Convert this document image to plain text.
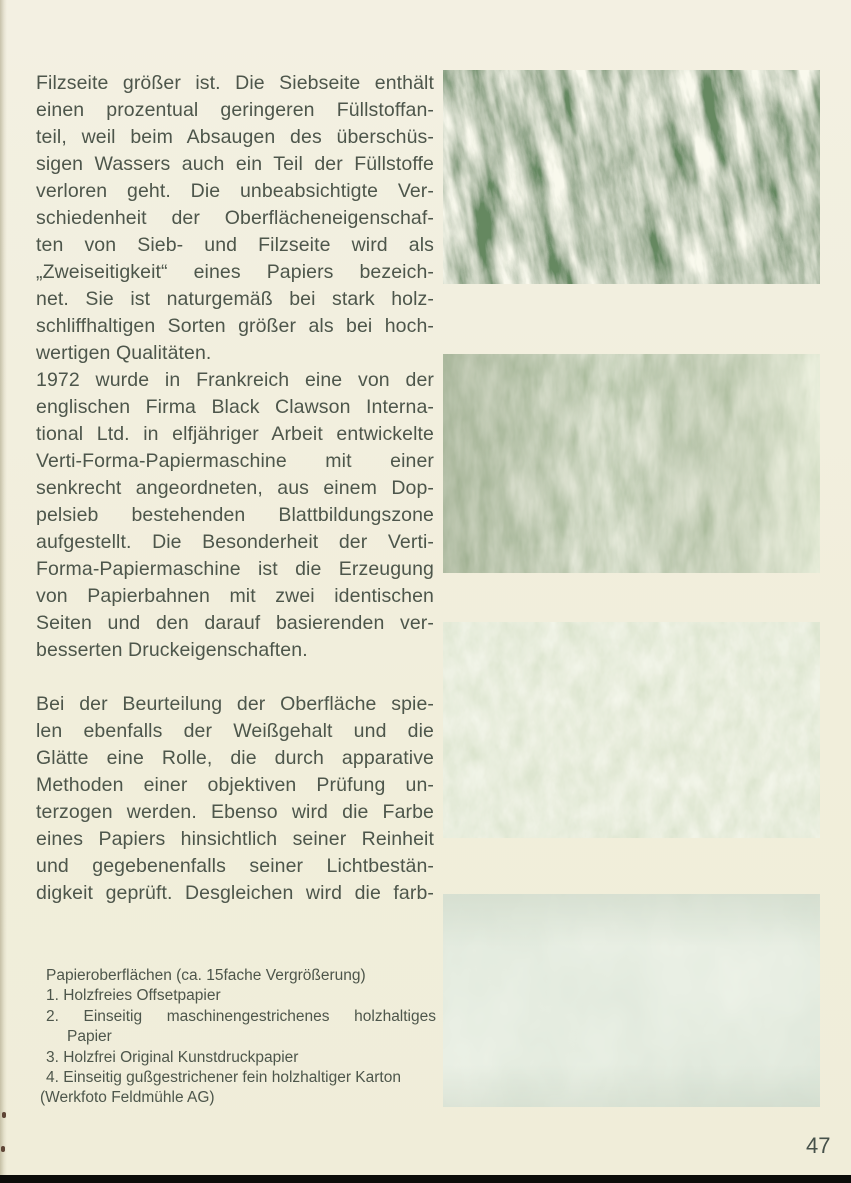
Filzseite größer ist. Die Siebseite enthält
einen prozentual geringeren Füllstoffan-
teil, weil beim Absaugen des überschüs-
sigen Wassers auch ein Teil der Füllstoffe
verloren geht. Die unbeabsichtigte Ver-
schiedenheit der Oberflächeneigenschaf-
ten von Sieb- und Filzseite wird als
„Zweiseitigkeit“ eines Papiers bezeich-
net. Sie ist naturgemäß bei stark holz-
schliffhaltigen Sorten größer als bei hoch-
wertigen Qualitäten.
1972 wurde in Frankreich eine von der
englischen Firma Black Clawson Interna-
tional Ltd. in elfjähriger Arbeit entwickelte
Verti-Forma-Papiermaschine mit einer
senkrecht angeordneten, aus einem Dop-
pelsieb bestehenden Blattbildungszone
aufgestellt. Die Besonderheit der Verti-
Forma-Papiermaschine ist die Erzeugung
von Papierbahnen mit zwei identischen
Seiten und den darauf basierenden ver-
besserten Druckeigenschaften.
Bei der Beurteilung der Oberfläche spie-
len ebenfalls der Weißgehalt und die
Glätte eine Rolle, die durch apparative
Methoden einer objektiven Prüfung un-
terzogen werden. Ebenso wird die Farbe
eines Papiers hinsichtlich seiner Reinheit
und gegebenenfalls seiner Lichtbestän-
digkeit geprüft. Desgleichen wird die farb-
Papieroberflächen (ca. 15fache Vergrößerung)
1. Holzfreies Offsetpapier
2. Einseitig maschinengestrichenes holzhaltiges
Papier
3. Holzfrei Original Kunstdruckpapier
4. Einseitig gußgestrichener fein holzhaltiger Karton
(Werkfoto Feldmühle AG)
47
